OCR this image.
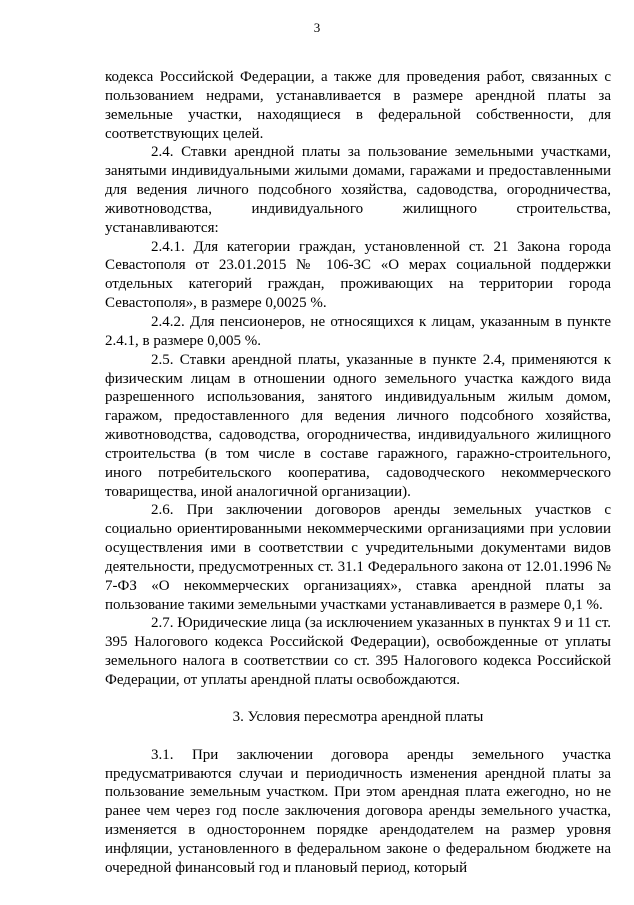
3

кодекса Российской Федерации, а также для проведения работ, связанных с пользованием недрами, устанавливается в размере арендной платы за земельные участки, находящиеся в федеральной собственности, для соответствующих целей.

2.4. Ставки арендной платы за пользование земельными участками, занятыми индивидуальными жилыми домами, гаражами и предоставленными для ведения личного подсобного хозяйства, садоводства, огородничества, животноводства, индивидуального жилищного строительства, устанавливаются:

2.4.1. Для категории граждан, установленной ст. 21 Закона города Севастополя от 23.01.2015 № 106-ЗС «О мерах социальной поддержки отдельных категорий граждан, проживающих на территории города Севастополя», в размере 0,0025 %.

2.4.2. Для пенсионеров, не относящихся к лицам, указанным в пункте 2.4.1, в размере 0,005 %.

2.5. Ставки арендной платы, указанные в пункте 2.4, применяются к физическим лицам в отношении одного земельного участка каждого вида разрешенного использования, занятого индивидуальным жилым домом, гаражом, предоставленного для ведения личного подсобного хозяйства, животноводства, садоводства, огородничества, индивидуального жилищного строительства (в том числе в составе гаражного, гаражно-строительного, иного потребительского кооператива, садоводческого некоммерческого товарищества, иной аналогичной организации).

2.6. При заключении договоров аренды земельных участков с социально ориентированными некоммерческими организациями при условии осуществления ими в соответствии с учредительными документами видов деятельности, предусмотренных ст. 31.1 Федерального закона от 12.01.1996 № 7-ФЗ «О некоммерческих организациях», ставка арендной платы за пользование такими земельными участками устанавливается в размере 0,1 %.

2.7. Юридические лица (за исключением указанных в пунктах 9 и 11 ст. 395 Налогового кодекса Российской Федерации), освобожденные от уплаты земельного налога в соответствии со ст. 395 Налогового кодекса Российской Федерации, от уплаты арендной платы освобождаются.

3. Условия пересмотра арендной платы

3.1. При заключении договора аренды земельного участка предусматриваются случаи и периодичность изменения арендной платы за пользование земельным участком. При этом арендная плата ежегодно, но не ранее чем через год после заключения договора аренды земельного участка, изменяется в одностороннем порядке арендодателем на размер уровня инфляции, установленного в федеральном законе о федеральном бюджете на очередной финансовый год и плановый период, который
